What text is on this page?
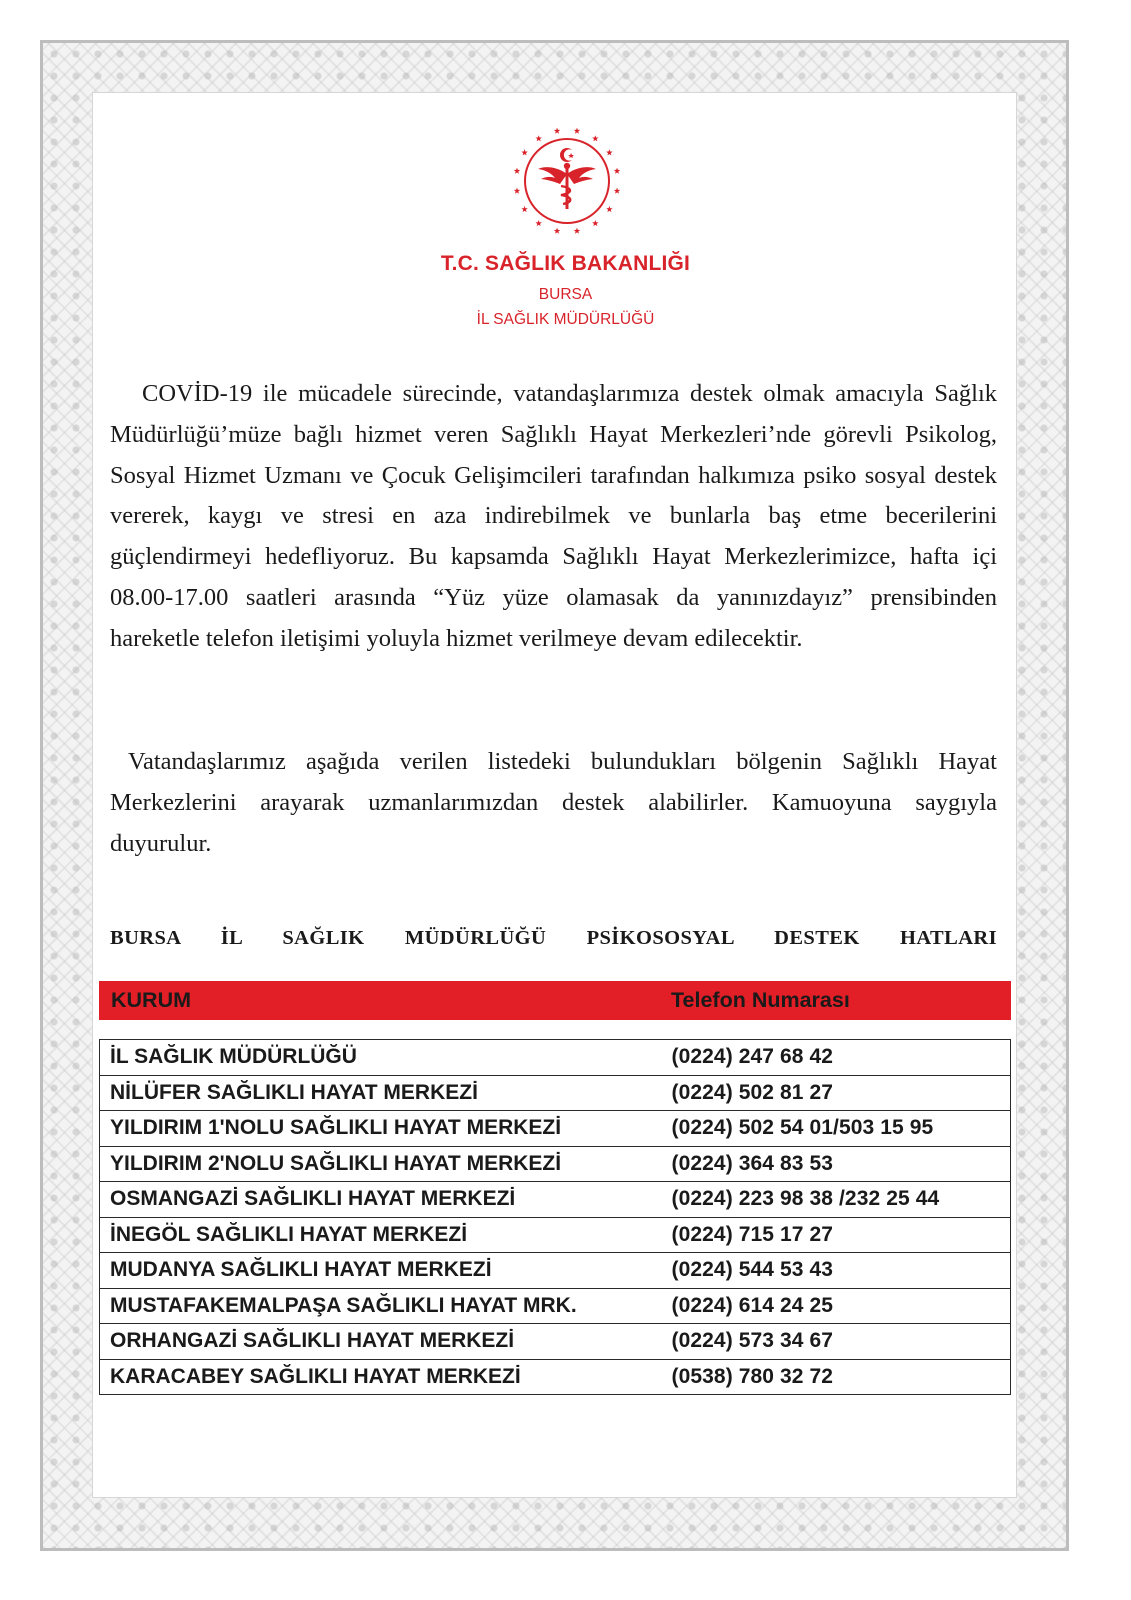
T.C. SAĞLIK BAKANLIĞI
BURSA
İL SAĞLIK MÜDÜRLÜĞÜ

COVİD-19 ile mücadele sürecinde, vatandaşlarımıza destek olmak amacıyla Sağlık Müdürlüğü’müze bağlı hizmet veren Sağlıklı Hayat Merkezleri’nde görevli Psikolog, Sosyal Hizmet Uzmanı ve Çocuk Gelişimcileri tarafından halkımıza psiko sosyal destek vererek, kaygı ve stresi en aza indirebilmek ve bunlarla baş etme becerilerini güçlendirmeyi hedefliyoruz. Bu kapsamda Sağlıklı Hayat Merkezlerimizce, hafta içi 08.00-17.00 saatleri arasında “Yüz yüze olamasak da yanınızdayız” prensibinden hareketle telefon iletişimi yoluyla hizmet verilmeye devam edilecektir.

Vatandaşlarımız aşağıda verilen listedeki bulundukları bölgenin Sağlıklı Hayat Merkezlerini arayarak uzmanlarımızdan destek alabilirler. Kamuoyuna saygıyla duyurulur.

BURSA İL SAĞLIK MÜDÜRLÜĞÜ PSİKOSOSYAL DESTEK HATLARI
KURUM	Telefon Numarası
İL SAĞLIK MÜDÜRLÜĞÜ	(0224) 247 68 42
NİLÜFER SAĞLIKLI HAYAT MERKEZİ	(0224) 502 81 27
YILDIRIM 1'NOLU SAĞLIKLI HAYAT MERKEZİ	(0224) 502 54 01/503 15 95
YILDIRIM 2'NOLU SAĞLIKLI HAYAT MERKEZİ	(0224) 364 83 53
OSMANGAZİ SAĞLIKLI HAYAT MERKEZİ	(0224) 223 98 38 /232 25 44
İNEGÖL SAĞLIKLI HAYAT MERKEZİ	(0224) 715 17 27
MUDANYA SAĞLIKLI HAYAT MERKEZİ	(0224) 544 53 43
MUSTAFAKEMALPAŞA SAĞLIKLI HAYAT MRK.	(0224) 614 24 25
ORHANGAZİ SAĞLIKLI HAYAT MERKEZİ	(0224) 573 34 67
KARACABEY SAĞLIKLI HAYAT MERKEZİ	(0538) 780 32 72
